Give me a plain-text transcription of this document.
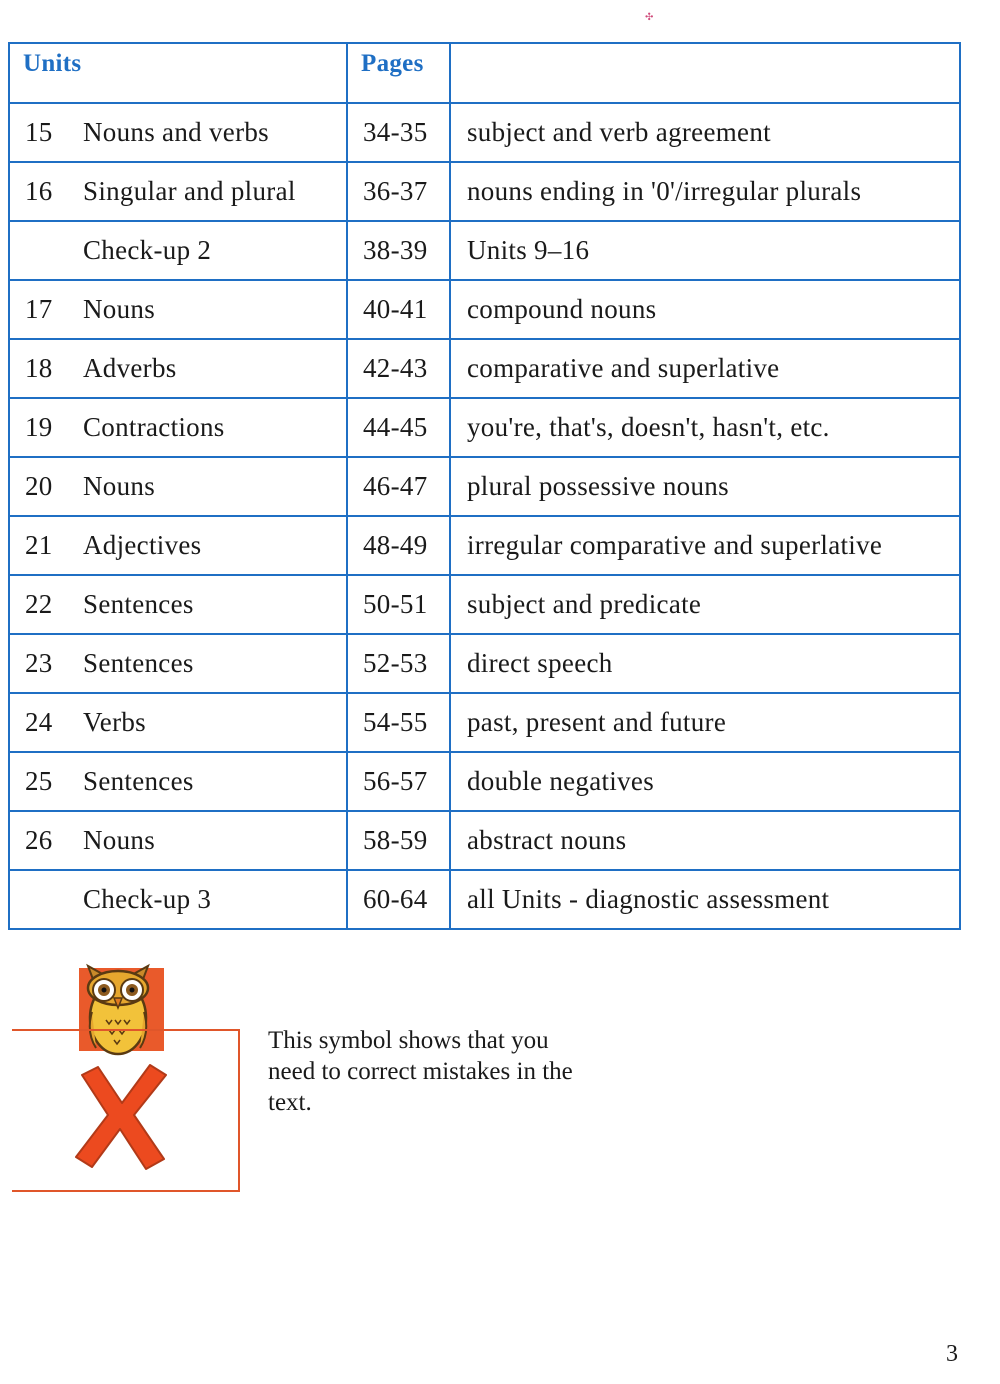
✣
Units	Pages	
15 Nouns and verbs	34-35	subject and verb agreement
16 Singular and plural	36-37	nouns ending in '0'/irregular plurals
Check-up 2	38-39	Units 9–16
17 Nouns	40-41	compound nouns
18 Adverbs	42-43	comparative and superlative
19 Contractions	44-45	you're, that's, doesn't, hasn't, etc.
20 Nouns	46-47	plural possessive nouns
21 Adjectives	48-49	irregular comparative and superlative
22 Sentences	50-51	subject and predicate
23 Sentences	52-53	direct speech
24 Verbs	54-55	past, present and future
25 Sentences	56-57	double negatives
26 Nouns	58-59	abstract nouns
Check-up 3	60-64	all Units - diagnostic assessment
This symbol shows that you need to correct mistakes in the text.
3
